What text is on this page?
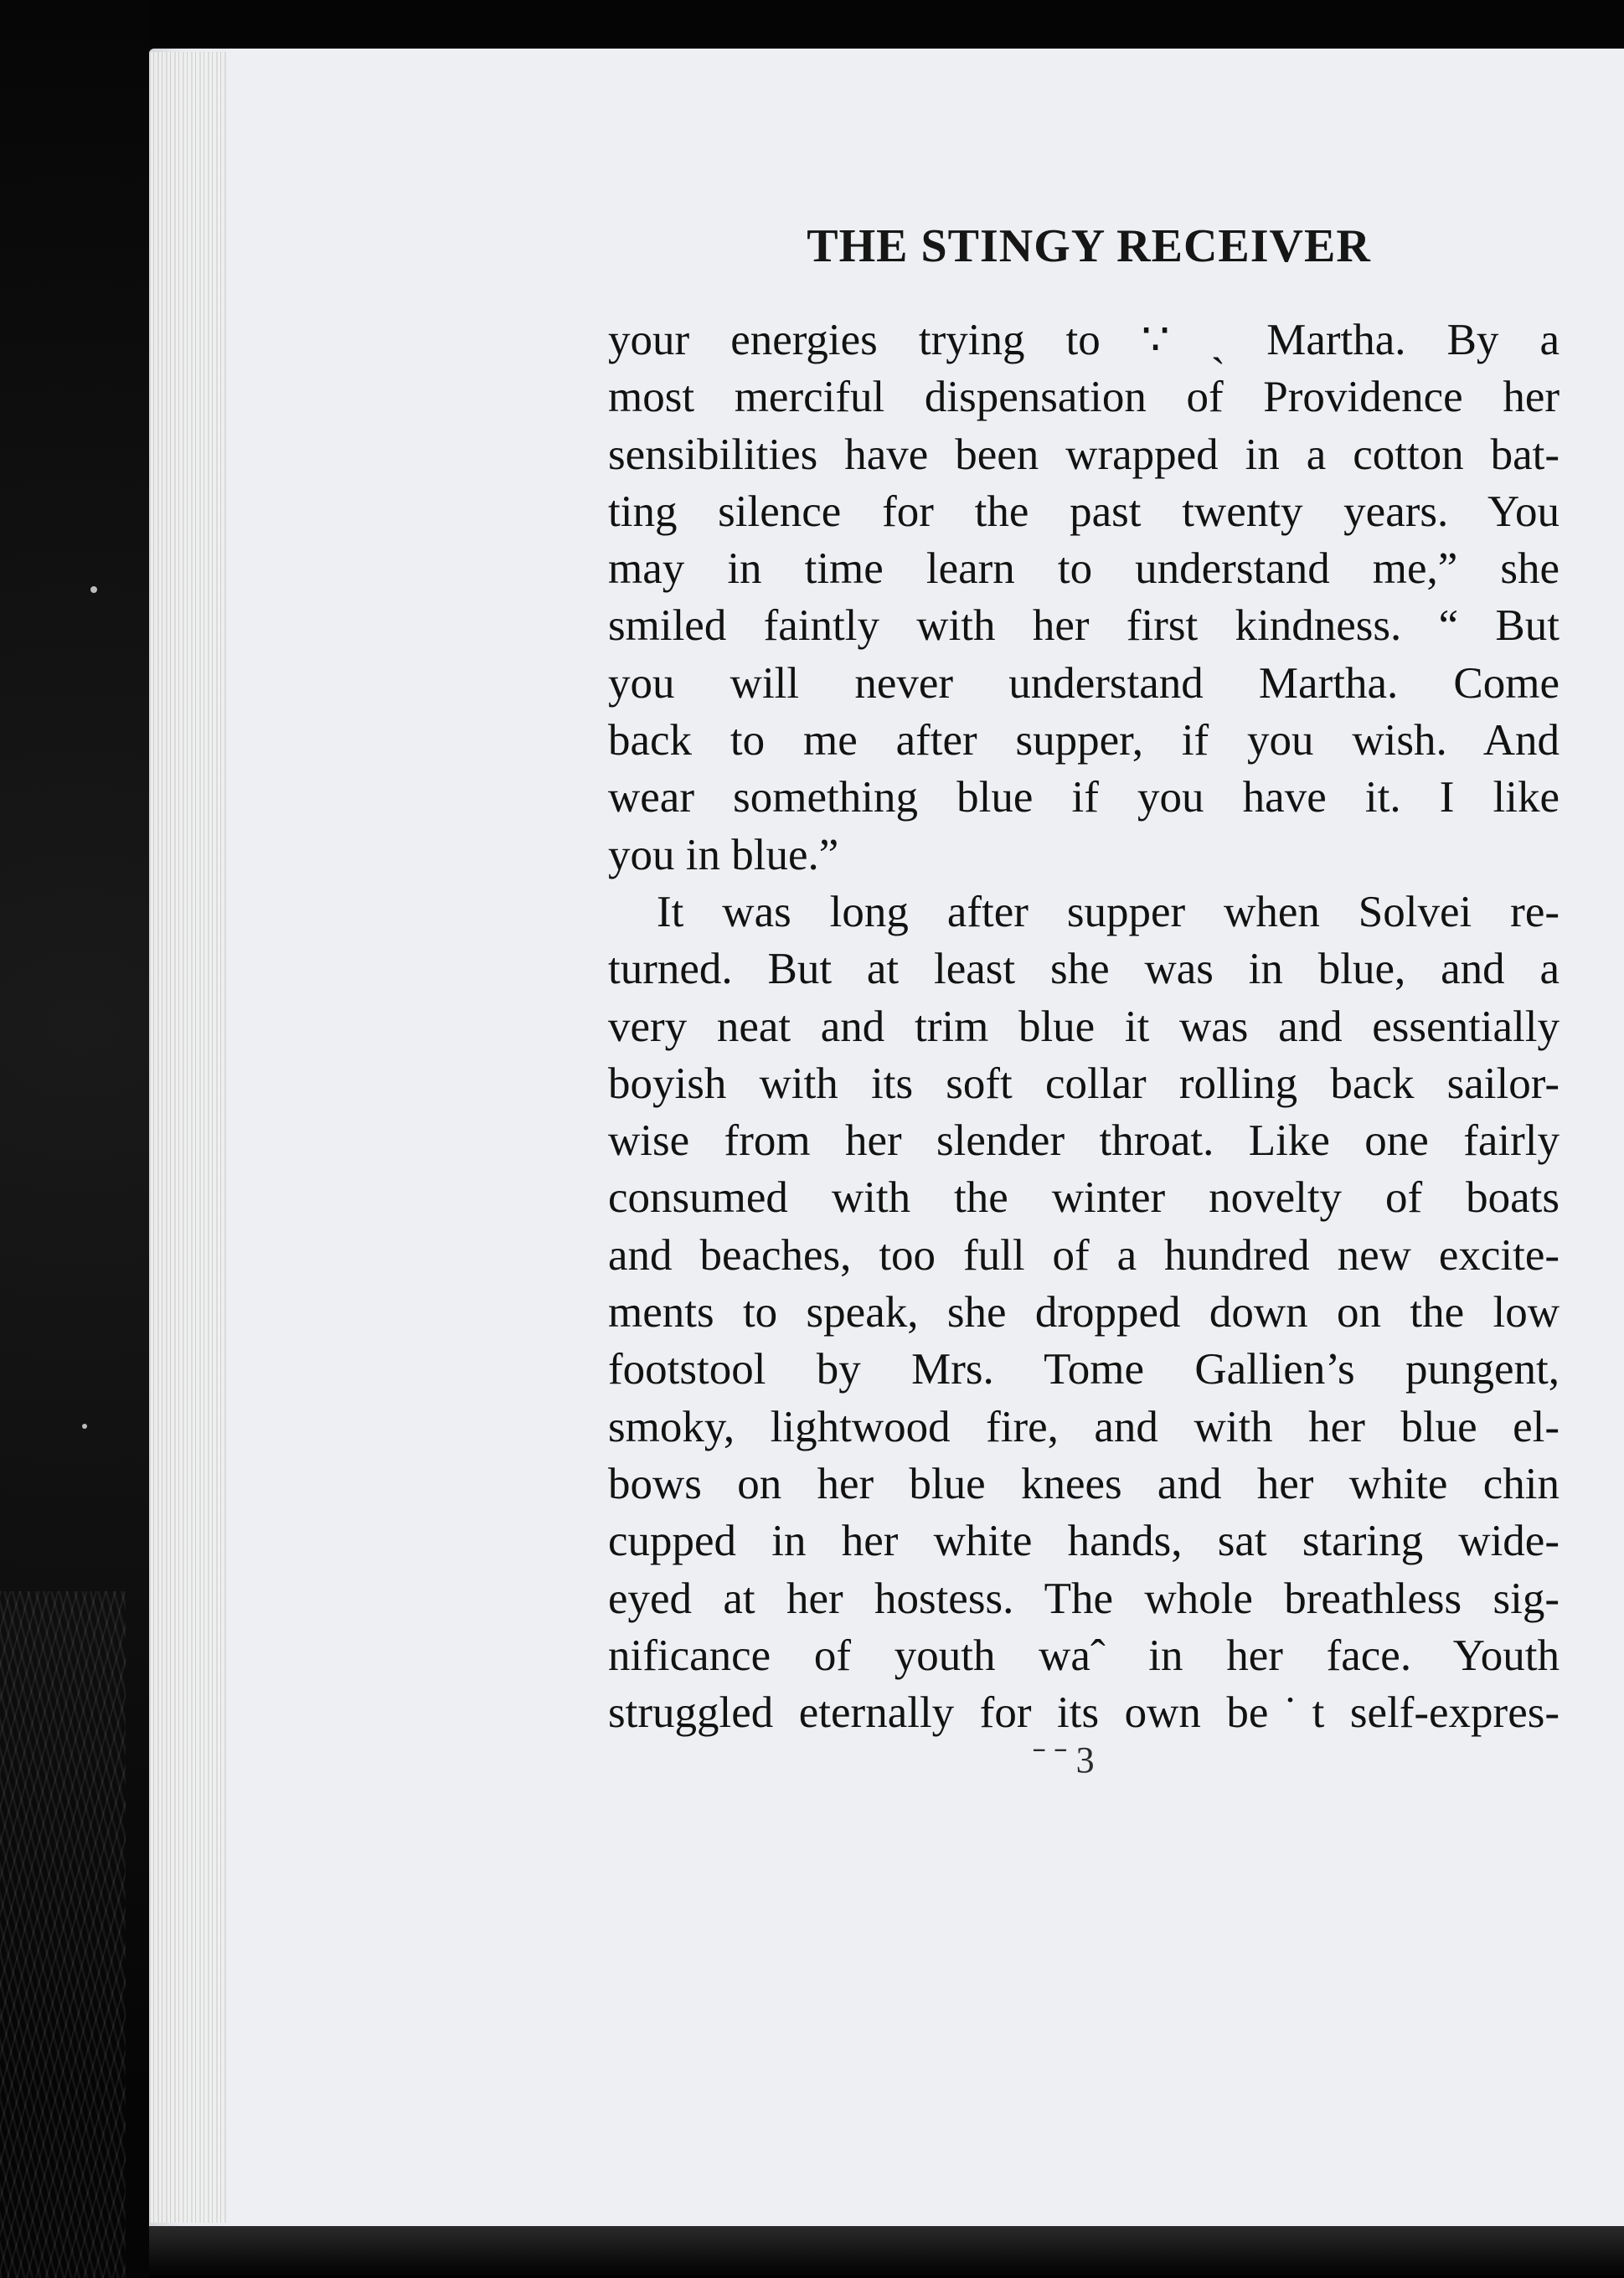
THE STINGY RECEIVER
your energies trying to ∵ ˎ Martha. By a
most merciful dispensation of Providence her
sensibilities have been wrapped in a cotton bat-
ting silence for the past twenty years. You
may in time learn to understand me,” she
smiled faintly with her first kindness. “ But
you will never understand Martha. Come
back to me after supper, if you wish. And
wear something blue if you have it. I like
you in blue.”
It was long after supper when Solvei re-
turned. But at least she was in blue, and a
very neat and trim blue it was and essentially
boyish with its soft collar rolling back sailor-
wise from her slender throat. Like one fairly
consumed with the winter novelty of boats
and beaches, too full of a hundred new excite-
ments to speak, she dropped down on the low
footstool by Mrs. Tome Gallien’s pungent,
smoky, lightwood fire, and with her blue el-
bows on her blue knees and her white chin
cupped in her white hands, sat staring wide-
eyed at her hostess. The whole breathless sig-
nificance of youth waˆ in her face. Youth
struggled eternally for its own be˙t self-expres-
ˉ ˉ 3
